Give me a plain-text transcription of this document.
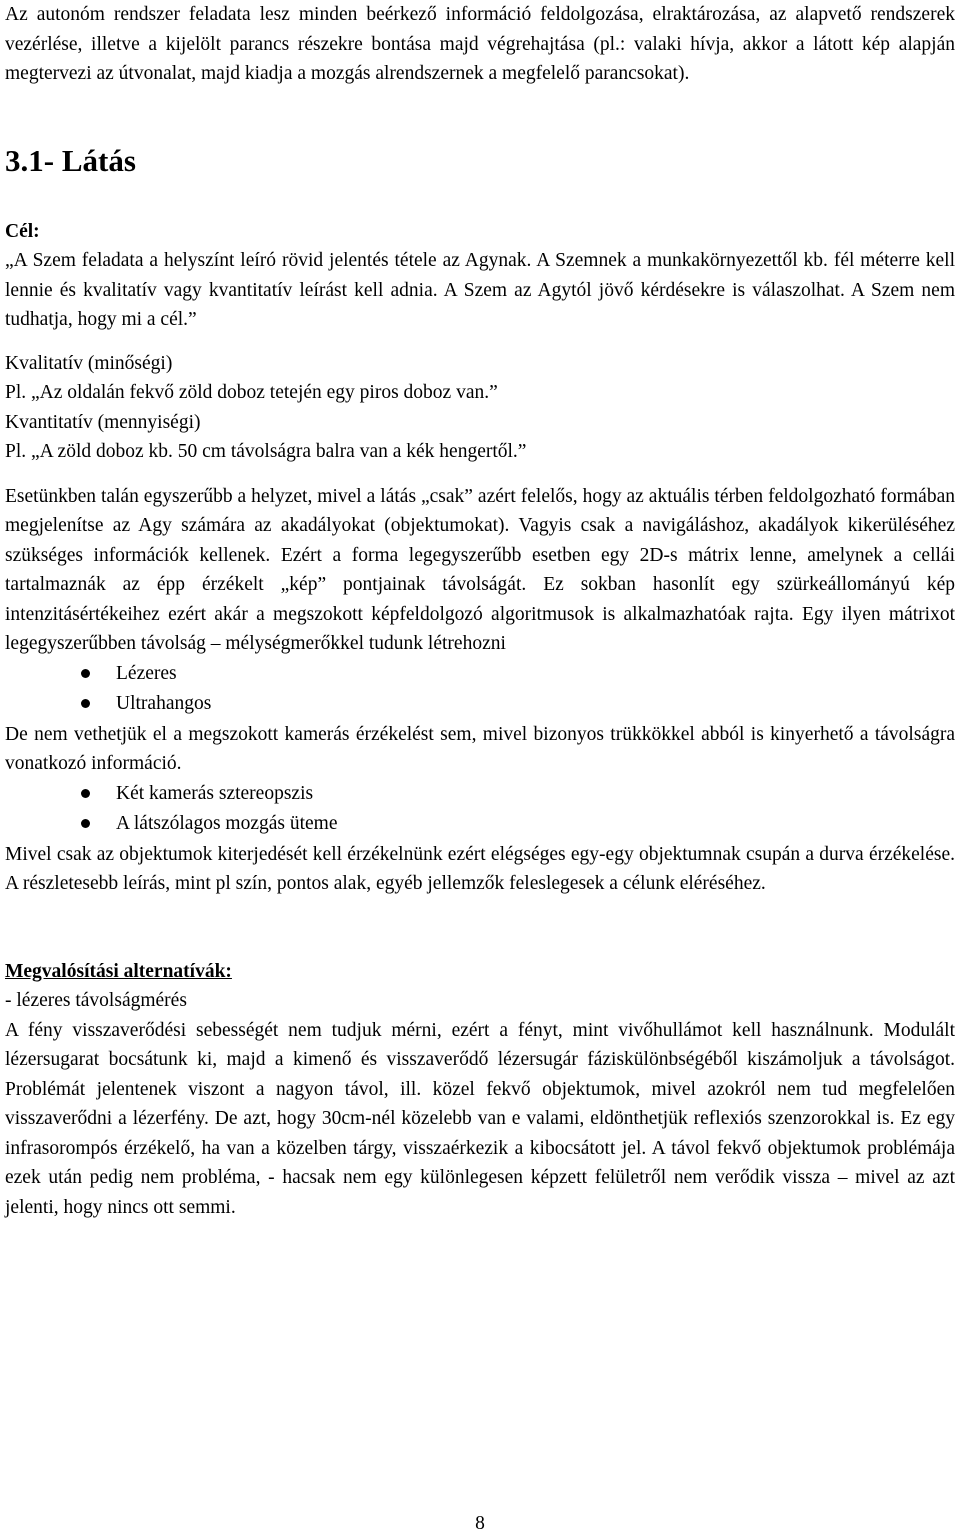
Az autonóm rendszer feladata lesz minden beérkező információ feldolgozása, elraktározása, az alapvető rendszerek vezérlése, illetve a kijelölt parancs részekre bontása majd végrehajtása (pl.: valaki hívja, akkor a látott kép alapján megtervezi az útvonalat, majd kiadja a mozgás alrendszernek a megfelelő parancsokat).

3.1- Látás

Cél:

„A Szem feladata a helyszínt leíró rövid jelentés tétele az Agynak. A Szemnek a munkakörnyezettől kb. fél méterre kell lennie és kvalitatív vagy kvantitatív leírást kell adnia. A Szem az Agytól jövő kérdésekre is válaszolhat. A Szem nem tudhatja, hogy mi a cél.”

Kvalitatív (minőségi)

Pl. „Az oldalán fekvő zöld doboz tetején egy piros doboz van.”

Kvantitatív (mennyiségi)

Pl. „A zöld doboz kb. 50 cm távolságra balra van a kék hengertől.”

Esetünkben talán egyszerűbb a helyzet, mivel a látás „csak” azért felelős, hogy az aktuális térben feldolgozható formában megjelenítse az Agy számára az akadályokat (objektumokat). Vagyis csak a navigáláshoz, akadályok kikerüléséhez szükséges információk kellenek. Ezért a forma legegyszerűbb esetben egy 2D-s mátrix lenne, amelynek a cellái tartalmaznák az épp érzékelt „kép” pontjainak távolságát. Ez sokban hasonlít egy szürkeállományú kép intenzitásértékeihez ezért akár a megszokott képfeldolgozó algoritmusok is alkalmazhatóak rajta. Egy ilyen mátrixot legegyszerűbben távolság – mélységmerőkkel tudunk létrehozni

Lézeres
Ultrahangos

De nem vethetjük el a megszokott kamerás érzékelést sem, mivel bizonyos trükkökkel abból is kinyerhető a távolságra vonatkozó információ.

Két kamerás sztereopszis
A látszólagos mozgás üteme

Mivel csak az objektumok kiterjedését kell érzékelnünk ezért elégséges egy-egy objektumnak csupán a durva érzékelése. A részletesebb leírás, mint pl szín, pontos alak, egyéb jellemzők feleslegesek a célunk eléréséhez.

Megvalósítási alternatívák:

- lézeres távolságmérés

A fény visszaverődési sebességét nem tudjuk mérni, ezért a fényt, mint vivőhullámot kell használnunk. Modulált lézersugarat bocsátunk ki, majd a kimenő és visszaverődő lézersugár fáziskülönbségéből kiszámoljuk a távolságot. Problémát jelentenek viszont a nagyon távol, ill. közel fekvő objektumok, mivel azokról nem tud megfelelően visszaverődni a lézerfény. De azt, hogy 30cm-nél közelebb van e valami, eldönthetjük reflexiós szenzorokkal is. Ez egy infrasorompós érzékelő, ha van a közelben tárgy, visszaérkezik a kibocsátott jel. A távol fekvő objektumok problémája ezek után pedig nem probléma, - hacsak nem egy különlegesen képzett felületről nem verődik vissza – mivel az azt jelenti, hogy nincs ott semmi.

8
